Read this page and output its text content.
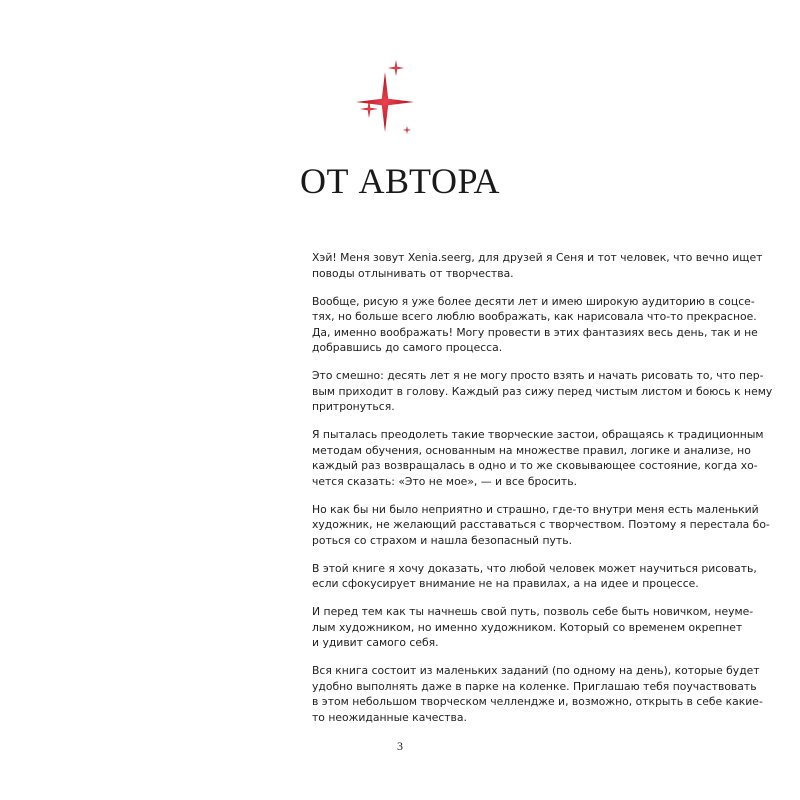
ОТ АВТОРА

Хэй! Меня зовут Xenia.seerg, для друзей я Сеня и тот человек, что вечно ищет
поводы отлынивать от творчества.

Вообще, рисую я уже более десяти лет и имею широкую аудиторию в соцсе-
тях, но больше всего люблю воображать, как нарисовала что-то прекрасное.
Да, именно воображать! Могу провести в этих фантазиях весь день, так и не
добравшись до самого процесса.

Это смешно: десять лет я не могу просто взять и начать рисовать то, что пер-
вым приходит в голову. Каждый раз сижу перед чистым листом и боюсь к нему
притронуться.

Я пыталась преодолеть такие творческие застои, обращаясь к традиционным
методам обучения, основанным на множестве правил, логике и анализе, но
каждый раз возвращалась в одно и то же сковывающее состояние, когда хо-
чется сказать: «Это не мое», — и все бросить.

Но как бы ни было неприятно и страшно, где-то внутри меня есть маленький
художник, не желающий расставаться с творчеством. Поэтому я перестала бо-
роться со страхом и нашла безопасный путь.

В этой книге я хочу доказать, что любой человек может научиться рисовать,
если сфокусирует внимание не на правилах, а на идее и процессе.

И перед тем как ты начнешь свой путь, позволь себе быть новичком, неуме-
лым художником, но именно художником. Который со временем окрепнет
и удивит самого себя.

Вся книга состоит из маленьких заданий (по одному на день), которые будет
удобно выполнять даже в парке на коленке. Приглашаю тебя поучаствовать
в этом небольшом творческом челлендже и, возможно, открыть в себе какие-
то неожиданные качества.

3
